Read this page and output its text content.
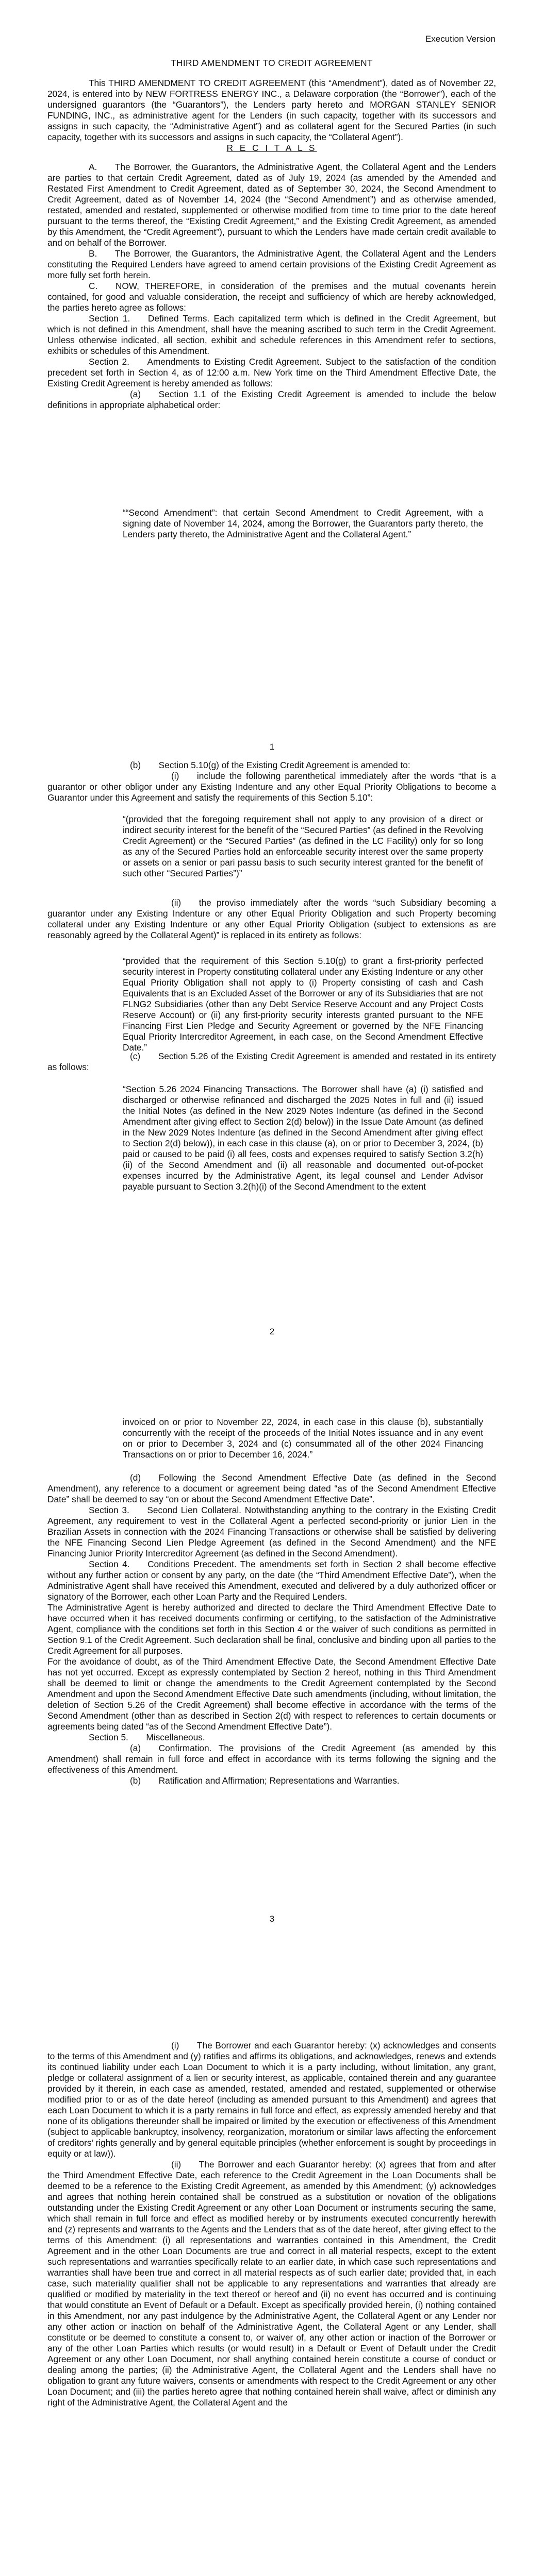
Execution Version

THIRD AMENDMENT TO CREDIT AGREEMENT

This THIRD AMENDMENT TO CREDIT AGREEMENT (this “Amendment”), dated as of November 22, 2024, is entered into by NEW FORTRESS ENERGY INC., a Delaware corporation (the “Borrower”), each of the undersigned guarantors (the “Guarantors”), the Lenders party hereto and MORGAN STANLEY SENIOR FUNDING, INC., as administrative agent for the Lenders (in such capacity, together with its successors and assigns in such capacity, the “Administrative Agent”) and as collateral agent for the Secured Parties (in such capacity, together with its successors and assigns in such capacity, the “Collateral Agent”).

R E C I T A L S

A.  The Borrower, the Guarantors, the Administrative Agent, the Collateral Agent and the Lenders are parties to that certain Credit Agreement, dated as of July 19, 2024 (as amended by the Amended and Restated First Amendment to Credit Agreement, dated as of September 30, 2024, the Second Amendment to Credit Agreement, dated as of November 14, 2024 (the “Second Amendment”) and as otherwise amended, restated, amended and restated, supplemented or otherwise modified from time to time prior to the date hereof pursuant to the terms thereof, the “Existing Credit Agreement,” and the Existing Credit Agreement, as amended by this Amendment, the “Credit Agreement”), pursuant to which the Lenders have made certain credit available to and on behalf of the Borrower.

B.  The Borrower, the Guarantors, the Administrative Agent, the Collateral Agent and the Lenders constituting the Required Lenders have agreed to amend certain provisions of the Existing Credit Agreement as more fully set forth herein.

C.  NOW, THEREFORE, in consideration of the premises and the mutual covenants herein contained, for good and valuable consideration, the receipt and sufficiency of which are hereby acknowledged, the parties hereto agree as follows:

Section 1.  Defined Terms. Each capitalized term which is defined in the Credit Agreement, but which is not defined in this Amendment, shall have the meaning ascribed to such term in the Credit Agreement. Unless otherwise indicated, all section, exhibit and schedule references in this Amendment refer to sections, exhibits or schedules of this Amendment.

Section 2.  Amendments to Existing Credit Agreement. Subject to the satisfaction of the condition precedent set forth in Section 4, as of 12:00 a.m. New York time on the Third Amendment Effective Date, the Existing Credit Agreement is hereby amended as follows:

(a)  Section 1.1 of the Existing Credit Agreement is amended to include the below definitions in appropriate alphabetical order:

““Second Amendment”: that certain Second Amendment to Credit Agreement, with a signing date of November 14, 2024, among the Borrower, the Guarantors party thereto, the Lenders party thereto, the Administrative Agent and the Collateral Agent.”

1

(b)  Section 5.10(g) of the Existing Credit Agreement is amended to:

(i)  include the following parenthetical immediately after the words “that is a guarantor or other obligor under any Existing Indenture and any other Equal Priority Obligations to become a Guarantor under this Agreement and satisfy the requirements of this Section 5.10”:

“(provided that the foregoing requirement shall not apply to any provision of a direct or indirect security interest for the benefit of the “Secured Parties” (as defined in the Revolving Credit Agreement) or the “Secured Parties” (as defined in the LC Facility) only for so long as any of the Secured Parties hold an enforceable security interest over the same property or assets on a senior or pari passu basis to such security interest granted for the benefit of such other “Secured Parties”)”

(ii)  the proviso immediately after the words “such Subsidiary becoming a guarantor under any Existing Indenture or any other Equal Priority Obligation and such Property becoming collateral under any Existing Indenture or any other Equal Priority Obligation (subject to extensions as are reasonably agreed by the Collateral Agent)” is replaced in its entirety as follows:

“provided that the requirement of this Section 5.10(g) to grant a first-priority perfected security interest in Property constituting collateral under any Existing Indenture or any other Equal Priority Obligation shall not apply to (i) Property consisting of cash and Cash Equivalents that is an Excluded Asset of the Borrower or any of its Subsidiaries that are not FLNG2 Subsidiaries (other than any Debt Service Reserve Account and any Project Costs Reserve Account) or (ii) any first-priority security interests granted pursuant to the NFE Financing First Lien Pledge and Security Agreement or governed by the NFE Financing Equal Priority Intercreditor Agreement, in each case, on the Second Amendment Effective Date.”

(c)  Section 5.26 of the Existing Credit Agreement is amended and restated in its entirety as follows:

“Section 5.26 2024 Financing Transactions. The Borrower shall have (a) (i) satisfied and discharged or otherwise refinanced and discharged the 2025 Notes in full and (ii) issued the Initial Notes (as defined in the New 2029 Notes Indenture (as defined in the Second Amendment after giving effect to Section 2(d) below)) in the Issue Date Amount (as defined in the New 2029 Notes Indenture (as defined in the Second Amendment after giving effect to Section 2(d) below)), in each case in this clause (a), on or prior to December 3, 2024, (b) paid or caused to be paid (i) all fees, costs and expenses required to satisfy Section 3.2(h)(ii) of the Second Amendment and (ii) all reasonable and documented out-of-pocket expenses incurred by the Administrative Agent, its legal counsel and Lender Advisor payable pursuant to Section 3.2(h)(i) of the Second Amendment to the extent

2

invoiced on or prior to November 22, 2024, in each case in this clause (b), substantially concurrently with the receipt of the proceeds of the Initial Notes issuance and in any event on or prior to December 3, 2024 and (c) consummated all of the other 2024 Financing Transactions on or prior to December 16, 2024.”

(d)  Following the Second Amendment Effective Date (as defined in the Second Amendment), any reference to a document or agreement being dated “as of the Second Amendment Effective Date” shall be deemed to say “on or about the Second Amendment Effective Date”.

Section 3.  Second Lien Collateral. Notwithstanding anything to the contrary in the Existing Credit Agreement, any requirement to vest in the Collateral Agent a perfected second-priority or junior Lien in the Brazilian Assets in connection with the 2024 Financing Transactions or otherwise shall be satisfied by delivering the NFE Financing Second Lien Pledge Agreement (as defined in the Second Amendment) and the NFE Financing Junior Priority Intercreditor Agreement (as defined in the Second Amendment).

Section 4.  Conditions Precedent. The amendments set forth in Section 2 shall become effective without any further action or consent by any party, on the date (the “Third Amendment Effective Date”), when the Administrative Agent shall have received this Amendment, executed and delivered by a duly authorized officer or signatory of the Borrower, each other Loan Party and the Required Lenders.

The Administrative Agent is hereby authorized and directed to declare the Third Amendment Effective Date to have occurred when it has received documents confirming or certifying, to the satisfaction of the Administrative Agent, compliance with the conditions set forth in this Section 4 or the waiver of such conditions as permitted in Section 9.1 of the Credit Agreement. Such declaration shall be final, conclusive and binding upon all parties to the Credit Agreement for all purposes.

For the avoidance of doubt, as of the Third Amendment Effective Date, the Second Amendment Effective Date has not yet occurred. Except as expressly contemplated by Section 2 hereof, nothing in this Third Amendment shall be deemed to limit or change the amendments to the Credit Agreement contemplated by the Second Amendment and upon the Second Amendment Effective Date such amendments (including, without limitation, the deletion of Section 5.26 of the Credit Agreement) shall become effective in accordance with the terms of the Second Amendment (other than as described in Section 2(d) with respect to references to certain documents or agreements being dated “as of the Second Amendment Effective Date”).

Section 5.  Miscellaneous.

(a)  Confirmation. The provisions of the Credit Agreement (as amended by this Amendment) shall remain in full force and effect in accordance with its terms following the signing and the effectiveness of this Amendment.

(b)  Ratification and Affirmation; Representations and Warranties.

3

(i)  The Borrower and each Guarantor hereby: (x) acknowledges and consents to the terms of this Amendment and (y) ratifies and affirms its obligations, and acknowledges, renews and extends its continued liability under each Loan Document to which it is a party including, without limitation, any grant, pledge or collateral assignment of a lien or security interest, as applicable, contained therein and any guarantee provided by it therein, in each case as amended, restated, amended and restated, supplemented or otherwise modified prior to or as of the date hereof (including as amended pursuant to this Amendment) and agrees that each Loan Document to which it is a party remains in full force and effect, as expressly amended hereby and that none of its obligations thereunder shall be impaired or limited by the execution or effectiveness of this Amendment (subject to applicable bankruptcy, insolvency, reorganization, moratorium or similar laws affecting the enforcement of creditors’ rights generally and by general equitable principles (whether enforcement is sought by proceedings in equity or at law)).

(ii)  The Borrower and each Guarantor hereby: (x) agrees that from and after the Third Amendment Effective Date, each reference to the Credit Agreement in the Loan Documents shall be deemed to be a reference to the Existing Credit Agreement, as amended by this Amendment; (y) acknowledges and agrees that nothing herein contained shall be construed as a substitution or novation of the obligations outstanding under the Existing Credit Agreement or any other Loan Document or instruments securing the same, which shall remain in full force and effect as modified hereby or by instruments executed concurrently herewith and (z) represents and warrants to the Agents and the Lenders that as of the date hereof, after giving effect to the terms of this Amendment: (i) all representations and warranties contained in this Amendment, the Credit Agreement and in the other Loan Documents are true and correct in all material respects, except to the extent such representations and warranties specifically relate to an earlier date, in which case such representations and warranties shall have been true and correct in all material respects as of such earlier date; provided that, in each case, such materiality qualifier shall not be applicable to any representations and warranties that already are qualified or modified by materiality in the text thereof or hereof and (ii) no event has occurred and is continuing that would constitute an Event of Default or a Default. Except as specifically provided herein, (i) nothing contained in this Amendment, nor any past indulgence by the Administrative Agent, the Collateral Agent or any Lender nor any other action or inaction on behalf of the Administrative Agent, the Collateral Agent or any Lender, shall constitute or be deemed to constitute a consent to, or waiver of, any other action or inaction of the Borrower or any of the other Loan Parties which results (or would result) in a Default or Event of Default under the Credit Agreement or any other Loan Document, nor shall anything contained herein constitute a course of conduct or dealing among the parties; (ii) the Administrative Agent, the Collateral Agent and the Lenders shall have no obligation to grant any future waivers, consents or amendments with respect to the Credit Agreement or any other Loan Document; and (iii) the parties hereto agree that nothing contained herein shall waive, affect or diminish any right of the Administrative Agent, the Collateral Agent and the
